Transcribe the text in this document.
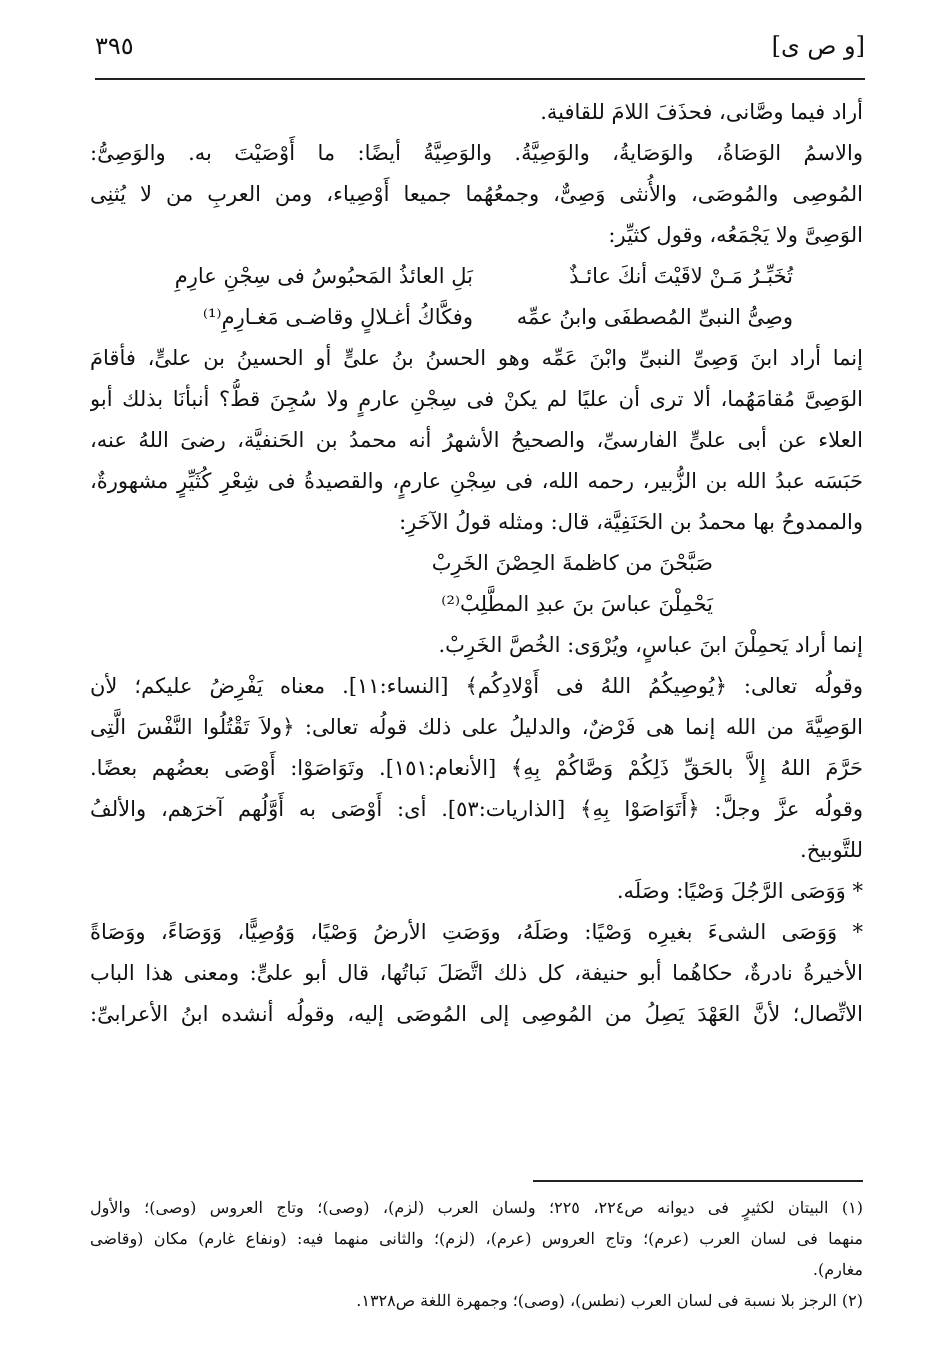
[و ص ى]
٣٩٥
أراد فيما وصَّانى، فحذَفَ اللامَ للقافية.
والاسمُ الوَصَاةُ، والوَصَايةُ، والوَصِيَّةُ. والوَصِيَّةُ أيضًا: ما أَوْصَيْتَ به. والوَصِىُّ:
المُوصِى والمُوصَى، والأُنثى وَصِىٌّ، وجمعُهُما جميعا أَوْصِياء، ومن العربِ من لا يُثنِى
الوَصِىَّ ولا يَجْمَعُه، وقول كثيِّر:
تُخَبِّـرُ مَـنْ لاقَيْتَ أنكَ عائـذٌ
بَلِ العائذُ المَحبُوسُ فى سِجْنِ عارِمِ
وصِىُّ النبىِّ المُصطفَى وابنُ عمِّه
وفكَّاكُ أغـلالٍ وقاضـى مَغـارِمِ⁽¹⁾
إنما أراد ابنَ وَصِىِّ النبىِّ وابْنَ عَمِّه وهو الحسنُ بنُ علىٍّ أو الحسينُ بن علىٍّ، فأقامَ
الوَصِىَّ مُقامَهُما، ألا ترى أن عليًا لم يكنْ فى سِجْنِ عارمٍ ولا سُجِنَ قطُّ؟ أنبأنَا بذلك أبو
العلاء عن أبى علىٍّ الفارسىِّ، والصحيحُ الأشهرُ أنه محمدُ بن الحَنفيَّة، رضىَ اللهُ عنه،
حَبَسَه عبدُ الله بن الزُّبير، رحمه الله، فى سِجْنِ عارمٍ، والقصيدةُ فى شِعْرِ كُثَيِّرٍ مشهورةٌ،
والممدوحُ بها محمدُ بن الحَنَفِيَّة، قال: ومثله قولُ الآخَرِ:
صَبَّحْنَ من كاظمةَ الحِصْنَ الخَرِبْ
يَحْمِلْنَ عباسَ بنَ عبدِ المطَّلِبْ⁽²⁾
إنما أراد يَحمِلْنَ ابنَ عباسٍ، ويُرْوَى: الخُصَّ الخَرِبْ.
وقولُه تعالى: ﴿يُوصِيكُمُ اللهُ فى أَوْلادِكُم﴾ [النساء:١١]. معناه يَفْرِضُ عليكم؛ لأن
الوَصِيَّةَ من الله إنما هى فَرْضٌ، والدليلُ على ذلك قولُه تعالى: ﴿ولاَ تَقْتُلُوا النَّفْسَ الَّتِى
حَرَّمَ اللهُ إِلاَّ بالحَقِّ ذَلِكُمْ وَصَّاكُمْ بِهِ﴾ [الأنعام:١٥١]. وتَوَاصَوْا: أَوْصَى بعضُهم بعضًا.
وقولُه عزَّ وجلَّ: ﴿أَتَوَاصَوْا بِهِ﴾ [الذاريات:٥٣]. أى: أَوْصَى به أَوَّلُهم آخرَهم، والألفُ
للتَّوبيخ.
* وَوَصَى الرَّجُلَ وَصْيًا: وصَلَه.
* وَوَصَى الشىءَ بغيرِه وَصْيًا: وصَلَهُ، ووَصَتِ الأرضُ وَصْيًا، وَوُصِيًّا، وَوَصَاءً، ووَصَاةً
الأخيرةُ نادرةٌ، حكاهُما أبو حنيفة، كل ذلك اتَّصَلَ نَباتُها، قال أبو علىٍّ: ومعنى هذا الباب
الاتِّصال؛ لأنَّ العَهْدَ يَصِلُ من المُوصِى إلى المُوصَى إليه، وقولُه أنشده ابنُ الأعرابىِّ:
(١) البيتان لكثيرٍ فى ديوانه ص٢٢٤، ٢٢٥؛ ولسان العرب (لزم)، (وصى)؛ وتاج العروس (وصى)؛ والأول
منهما فى لسان العرب (عرم)؛ وتاج العروس (عرم)، (لزم)؛ والثانى منهما فيه: (ونفاع غارم) مكان (وقاضى
مغارم).
(٢) الرجز بلا نسبة فى لسان العرب (نطس)، (وصى)؛ وجمهرة اللغة ص١٣٢٨.
